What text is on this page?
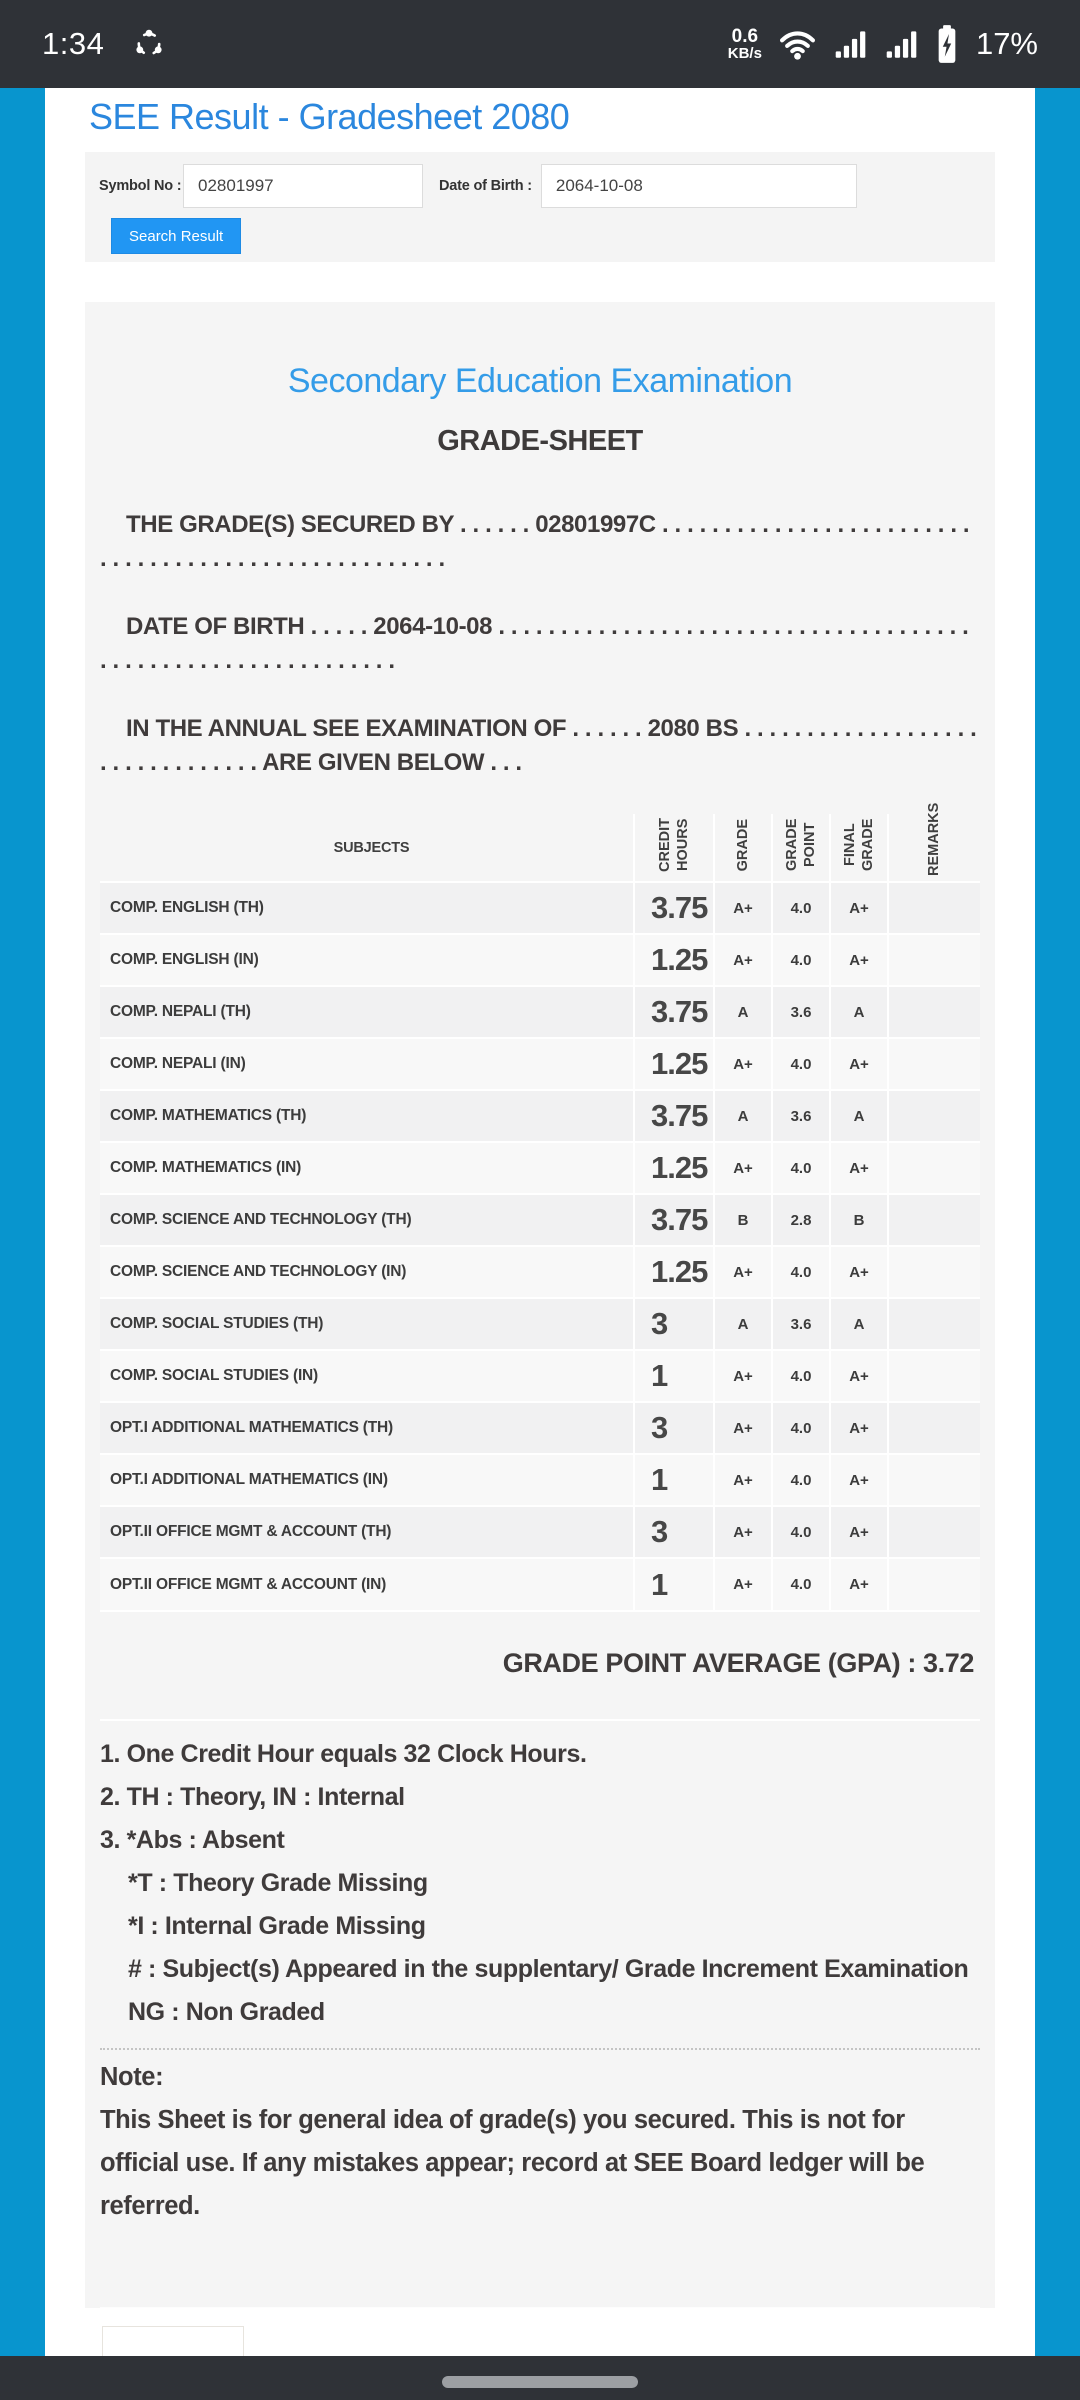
1:34	0.6
KB/s	17%
SEE Result - Gradesheet 2080
Symbol No :
02801997	Date of Birth :
2064-10-08
Search Result
Secondary Education Examination
GRADE-SHEET

THE GRADE(S) SECURED BY . . . . . . 02801997C . . . . . . . . . . . . . . . . . . . . . . . . . . . . . . . . . . . . . . . . . . . . . . . . . . . . .

DATE OF BIRTH . . . . . 2064-10-08 . . . . . . . . . . . . . . . . . . . . . . . . . . . . . . . . . . . . . . . . . . . . . . . . . . . . . . . . . . . . . .

IN THE ANNUAL SEE EXAMINATION OF . . . . . . 2080 BS . . . . . . . . . . . . . . . . . . . . . . . . . . . . . . . . ARE GIVEN BELOW . . .

SUBJECTS	CREDIT HOURS	GRADE	GRADE POINT	FINAL GRADE	REMARKS
COMP. ENGLISH (TH)	3.75	A+	4.0	A+	
COMP. ENGLISH (IN)	1.25	A+	4.0	A+	
COMP. NEPALI (TH)	3.75	A	3.6	A	
COMP. NEPALI (IN)	1.25	A+	4.0	A+	
COMP. MATHEMATICS (TH)	3.75	A	3.6	A	
COMP. MATHEMATICS (IN)	1.25	A+	4.0	A+	
COMP. SCIENCE AND TECHNOLOGY (TH)	3.75	B	2.8	B	
COMP. SCIENCE AND TECHNOLOGY (IN)	1.25	A+	4.0	A+	
COMP. SOCIAL STUDIES (TH)	3	A	3.6	A	
COMP. SOCIAL STUDIES (IN)	1	A+	4.0	A+	
OPT.I ADDITIONAL MATHEMATICS (TH)	3	A+	4.0	A+	
OPT.I ADDITIONAL MATHEMATICS (IN)	1	A+	4.0	A+	
OPT.II OFFICE MGMT & ACCOUNT (TH)	3	A+	4.0	A+	
OPT.II OFFICE MGMT & ACCOUNT (IN)	1	A+	4.0	A+	
GRADE POINT AVERAGE (GPA) : 3.72

1. One Credit Hour equals 32 Clock Hours.

2. TH : Theory, IN : Internal

3. *Abs : Absent

*T : Theory Grade Missing

*I : Internal Grade Missing

# : Subject(s) Appeared in the supplentary/ Grade Increment Examination

NG : Non Graded

Note:

This Sheet is for general idea of grade(s) you secured. This is not for official use. If any mistakes appear; record at SEE Board ledger will be referred.
